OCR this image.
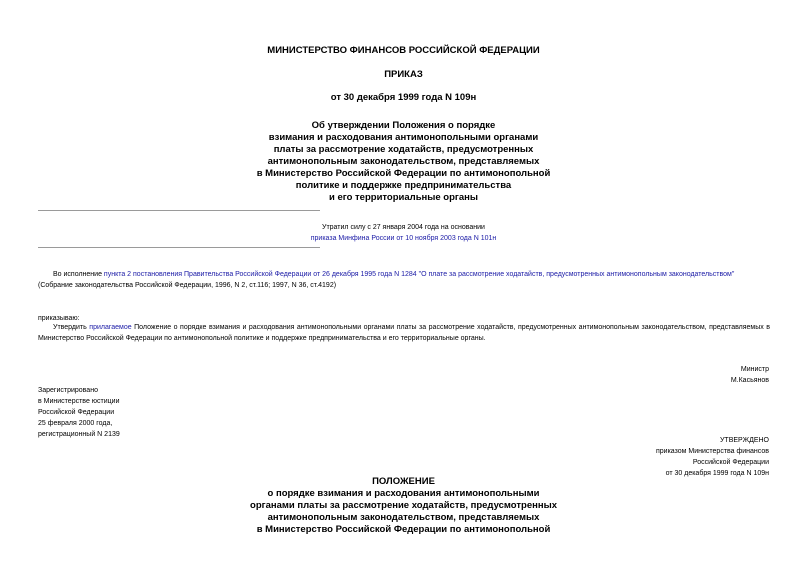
МИНИСТЕРСТВО ФИНАНСОВ РОССИЙСКОЙ ФЕДЕРАЦИИ
ПРИКАЗ
от 30 декабря 1999 года N 109н
Об утверждении Положения о порядке
взимания и расходования антимонопольными органами
платы за рассмотрение ходатайств, предусмотренных
антимонопольным законодательством, представляемых
в Министерство Российской Федерации по антимонопольной
политике и поддержке предпринимательства
и его территориальные органы
Утратил силу с 27 января 2004 года на основании
приказа Минфина России от 10 ноября 2003 года N 101н
Во исполнение пункта 2 постановления Правительства Российской Федерации от 26 декабря 1995 года N 1284 "О плате за рассмотрение ходатайств, предусмотренных антимонопольным законодательством"
(Собрание законодательства Российской Федерации, 1996, N 2, ст.116; 1997, N 36, ст.4192)
приказываю:
Утвердить прилагаемое Положение о порядке взимания и расходования антимонопольными органами платы за рассмотрение ходатайств, предусмотренных антимонопольным законодательством, представляемых в Министерство Российской Федерации по антимонопольной политике и поддержке предпринимательства и его территориальные органы.
Министр
М.Касьянов
Зарегистрировано
в Министерстве юстиции
Российской Федерации
25 февраля 2000 года,
регистрационный N 2139
УТВЕРЖДЕНО
приказом Министерства финансов
Российской Федерации
от 30 декабря 1999 года N 109н
ПОЛОЖЕНИЕ
о порядке взимания и расходования антимонопольными
органами платы за рассмотрение ходатайств, предусмотренных
антимонопольным законодательством, представляемых
в Министерство Российской Федерации по антимонопольной
